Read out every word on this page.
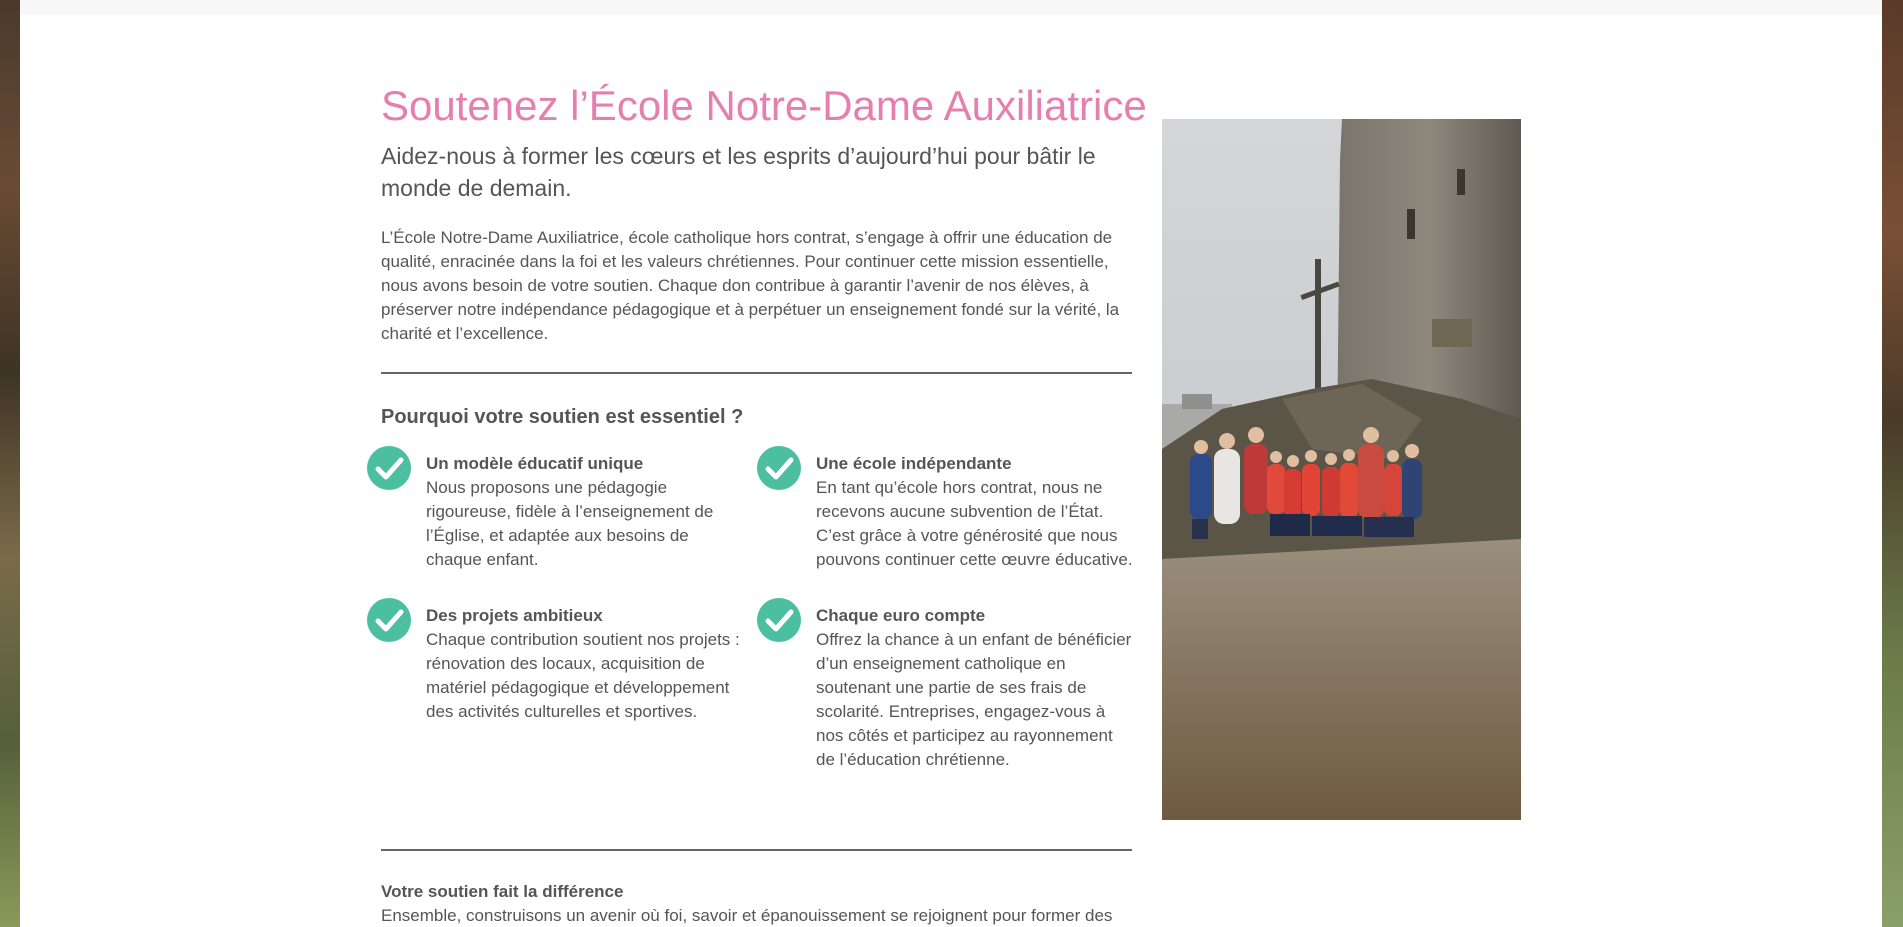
Soutenez l’École Notre-Dame Auxiliatrice
Aidez-nous à former les cœurs et les esprits d’aujourd’hui pour bâtir le monde de demain.

L’École Notre-Dame Auxiliatrice, école catholique hors contrat, s’engage à offrir une éducation de qualité, enracinée dans la foi et les valeurs chrétiennes. Pour continuer cette mission essentielle, nous avons besoin de votre soutien. Chaque don contribue à garantir l’avenir de nos élèves, à préserver notre indépendance pédagogique et à perpétuer un enseignement fondé sur la vérité, la charité et l’excellence.

Pourquoi votre soutien est essentiel ?
Un modèle éducatif unique
Nous proposons une pédagogie rigoureuse, fidèle à l’enseignement de l’Église, et adaptée aux besoins de chaque enfant.
Une école indépendante
En tant qu’école hors contrat, nous ne recevons aucune subvention de l’État. C’est grâce à votre générosité que nous pouvons continuer cette œuvre éducative.
Des projets ambitieux
Chaque contribution soutient nos projets : rénovation des locaux, acquisition de matériel pédagogique et développement des activités culturelles et sportives.
Chaque euro compte
Offrez la chance à un enfant de bénéficier d’un enseignement catholique en soutenant une partie de ses frais de scolarité. Entreprises, engagez-vous à nos côtés et participez au rayonnement de l’éducation chrétienne.
Votre soutien fait la différence
Ensemble, construisons un avenir où foi, savoir et épanouissement se rejoignent pour former des
